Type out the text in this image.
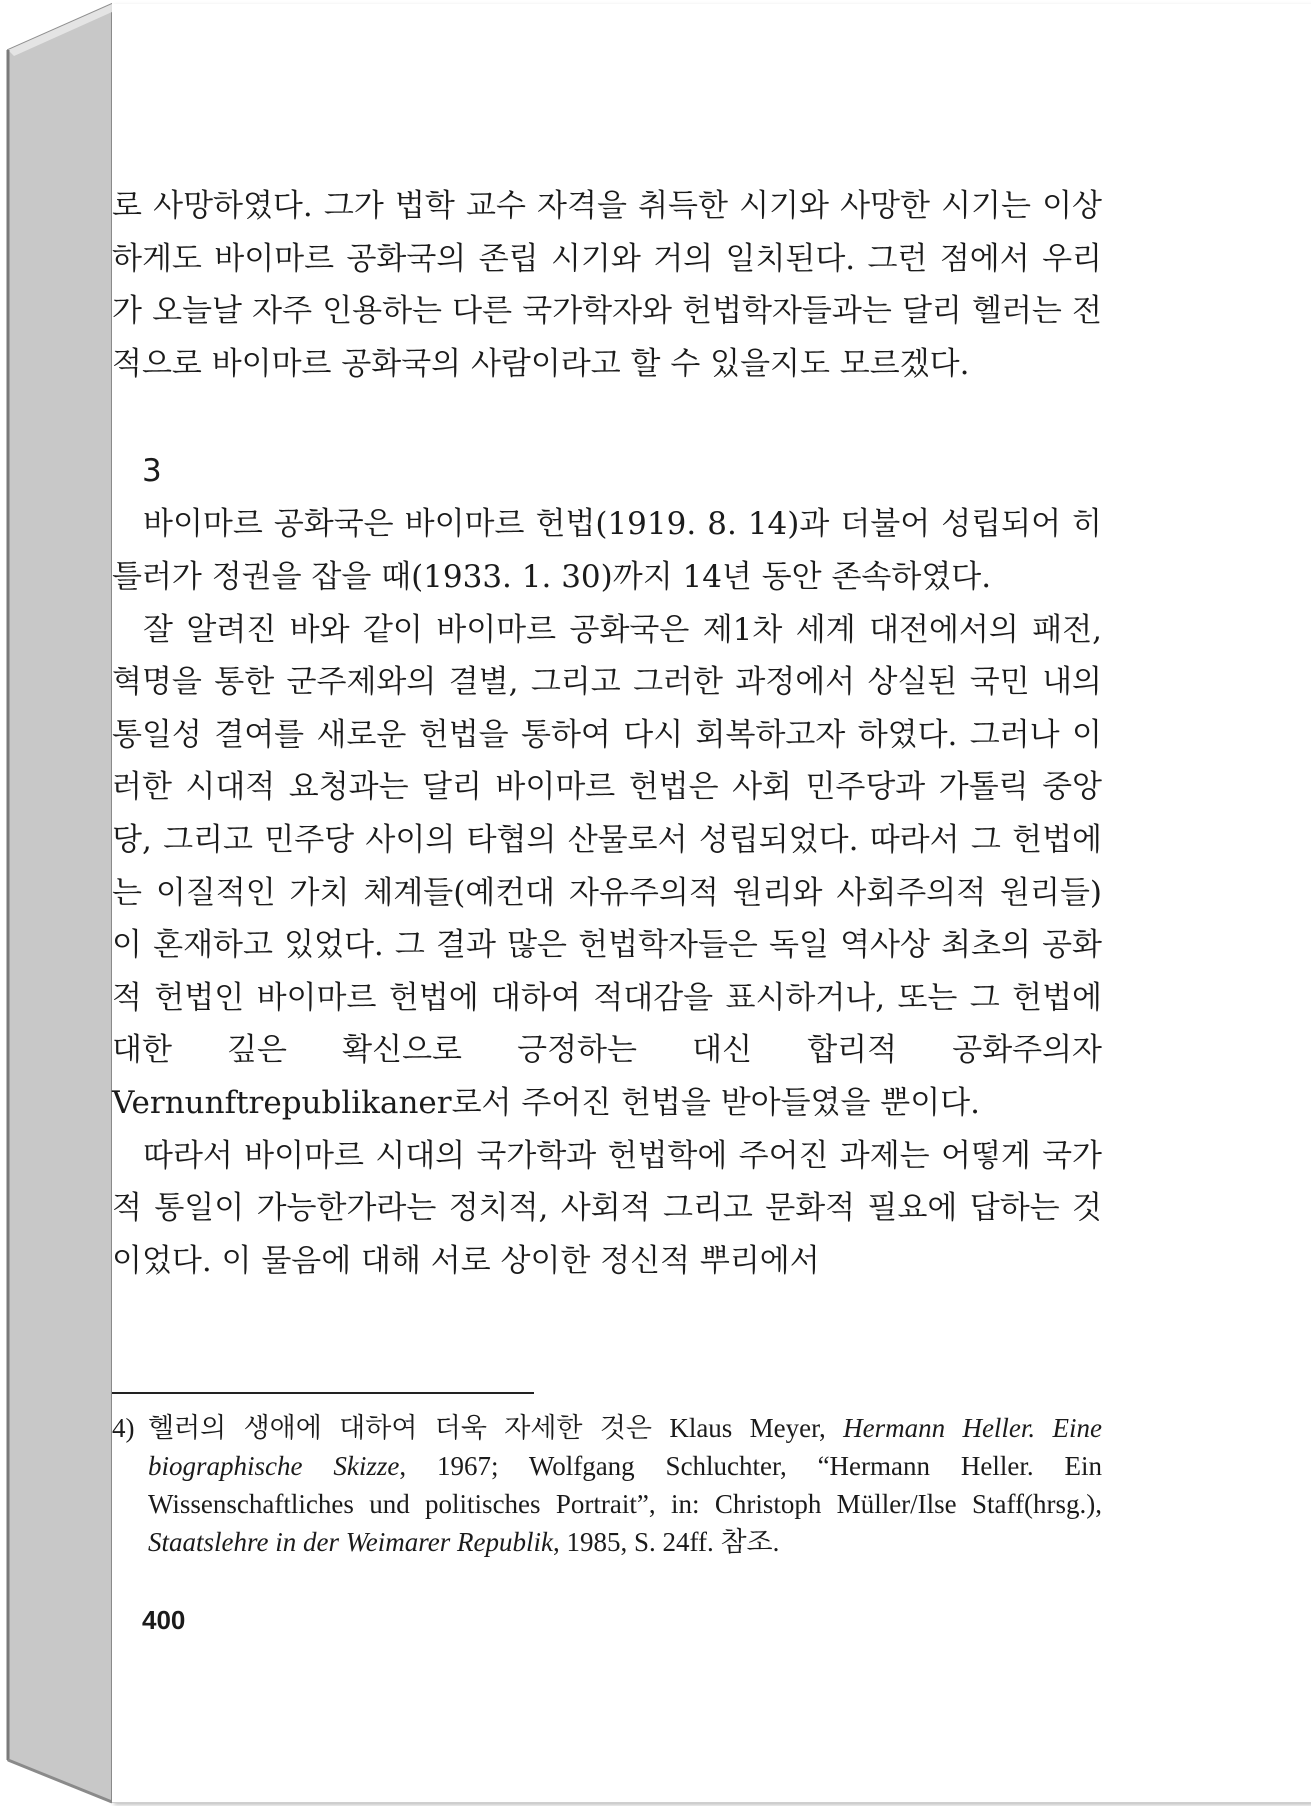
로 사망하였다. 그가 법학 교수 자격을 취득한 시기와 사망한 시기는 이상하게도 바이마르 공화국의 존립 시기와 거의 일치된다. 그런 점에서 우리가 오늘날 자주 인용하는 다른 국가학자와 헌법학자들과는 달리 헬러는 전적으로 바이마르 공화국의 사람이라고 할 수 있을지도 모르겠다.

3

바이마르 공화국은 바이마르 헌법(1919. 8. 14)과 더불어 성립되어 히틀러가 정권을 잡을 때(1933. 1. 30)까지 14년 동안 존속하였다.

잘 알려진 바와 같이 바이마르 공화국은 제1차 세계 대전에서의 패전, 혁명을 통한 군주제와의 결별, 그리고 그러한 과정에서 상실된 국민 내의 통일성 결여를 새로운 헌법을 통하여 다시 회복하고자 하였다. 그러나 이러한 시대적 요청과는 달리 바이마르 헌법은 사회 민주당과 가톨릭 중앙당, 그리고 민주당 사이의 타협의 산물로서 성립되었다. 따라서 그 헌법에는 이질적인 가치 체계들(예컨대 자유주의적 원리와 사회주의적 원리들)이 혼재하고 있었다. 그 결과 많은 헌법학자들은 독일 역사상 최초의 공화적 헌법인 바이마르 헌법에 대하여 적대감을 표시하거나, 또는 그 헌법에 대한 깊은 확신으로 긍정하는 대신 합리적 공화주의자 Vernunftrepublikaner로서 주어진 헌법을 받아들였을 뿐이다.

따라서 바이마르 시대의 국가학과 헌법학에 주어진 과제는 어떻게 국가적 통일이 가능한가라는 정치적, 사회적 그리고 문화적 필요에 답하는 것이었다. 이 물음에 대해 서로 상이한 정신적 뿌리에서

4) 헬러의 생애에 대하여 더욱 자세한 것은 Klaus Meyer, Hermann Heller. Eine biographische Skizze, 1967; Wolfgang Schluchter, “Hermann Heller. Ein Wissenschaftliches und politisches Portrait”, in: Christoph Müller/Ilse Staff(hrsg.), Staatslehre in der Weimarer Republik, 1985, S. 24ff. 참조.
400
